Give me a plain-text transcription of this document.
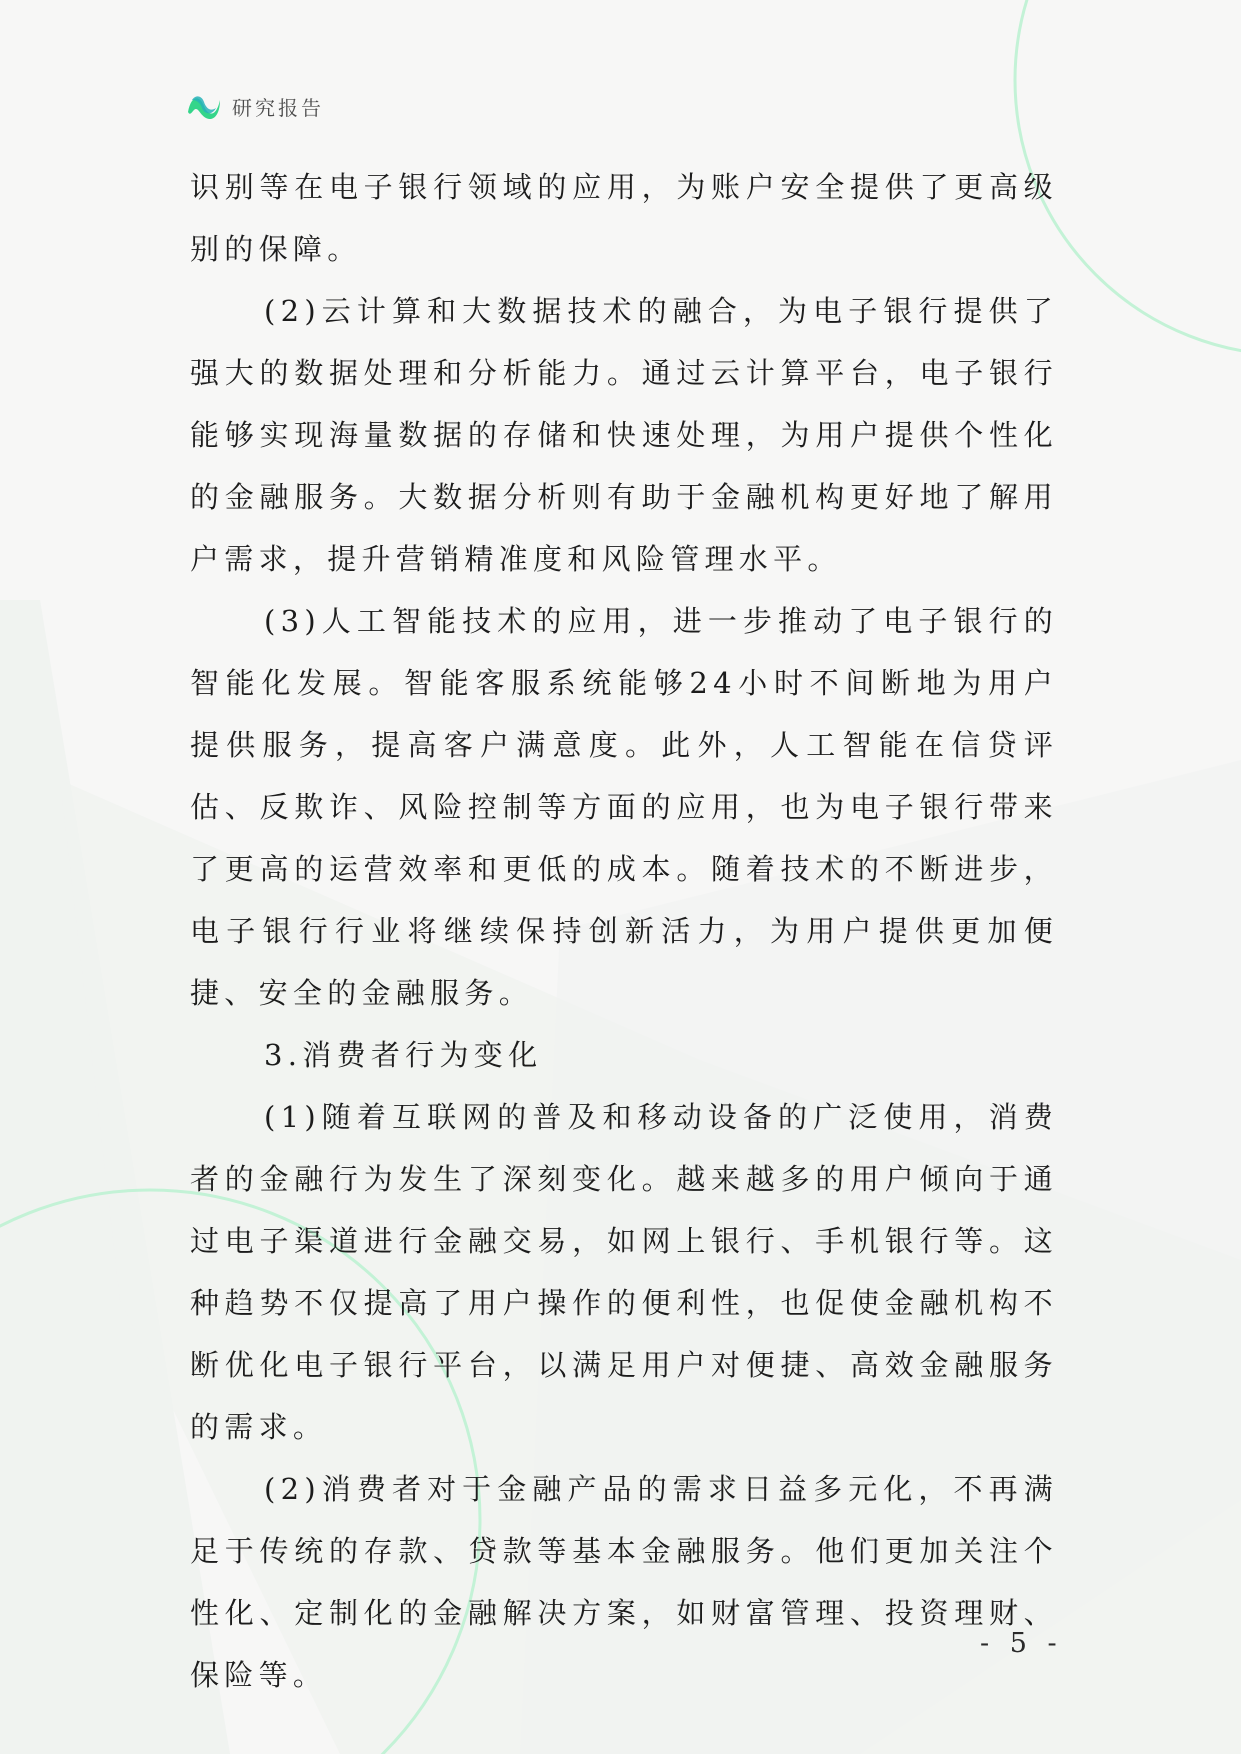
研究报告

识别等在电子银行领域的应用，为账户安全提供了更高级别的保障。

(2)云计算和大数据技术的融合，为电子银行提供了强大的数据处理和分析能力。通过云计算平台，电子银行能够实现海量数据的存储和快速处理，为用户提供个性化的金融服务。大数据分析则有助于金融机构更好地了解用户需求，提升营销精准度和风险管理水平。

(3)人工智能技术的应用，进一步推动了电子银行的智能化发展。智能客服系统能够24小时不间断地为用户提供服务，提高客户满意度。此外，人工智能在信贷评估、反欺诈、风险控制等方面的应用，也为电子银行带来了更高的运营效率和更低的成本。随着技术的不断进步，电子银行行业将继续保持创新活力，为用户提供更加便捷、安全的金融服务。

3.消费者行为变化

(1)随着互联网的普及和移动设备的广泛使用，消费者的金融行为发生了深刻变化。越来越多的用户倾向于通过电子渠道进行金融交易，如网上银行、手机银行等。这种趋势不仅提高了用户操作的便利性，也促使金融机构不断优化电子银行平台，以满足用户对便捷、高效金融服务的需求。

(2)消费者对于金融产品的需求日益多元化，不再满足于传统的存款、贷款等基本金融服务。他们更加关注个性化、定制化的金融解决方案，如财富管理、投资理财、保险等。

- 5 -
